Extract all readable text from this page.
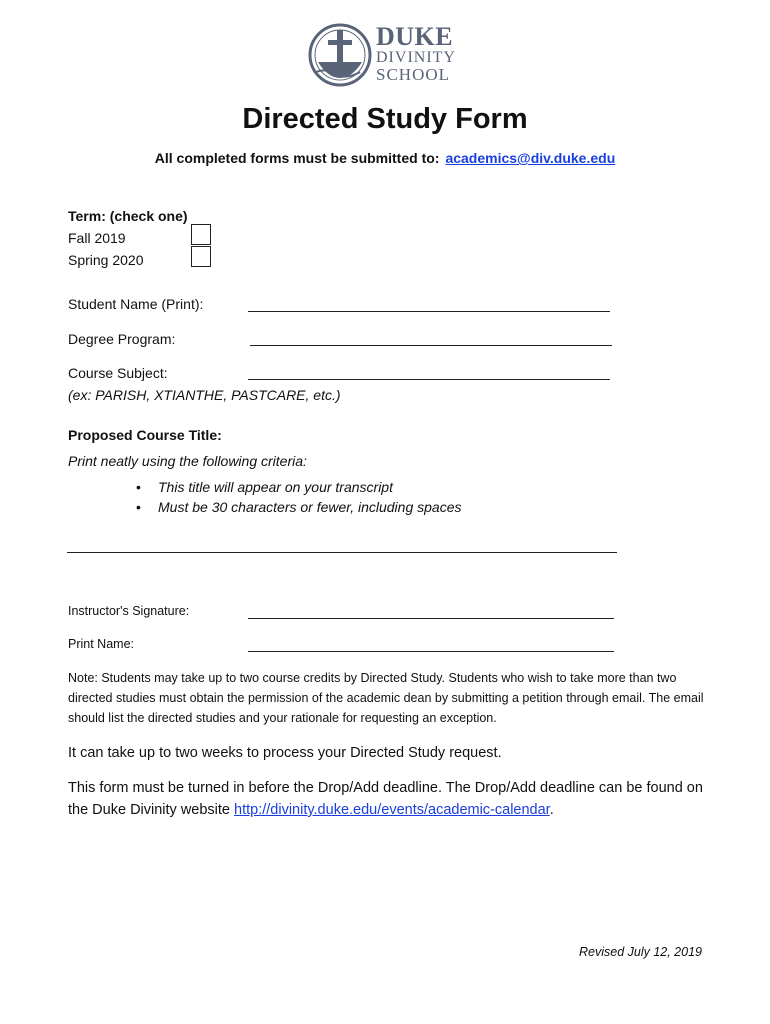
DUKE
DIVINITY
SCHOOL
Directed Study Form
All completed forms must be submitted to: academics@div.duke.edu
Term: (check one)
Fall 2019
Spring 2020
Student Name (Print):
Degree Program:
Course Subject:
(ex: PARISH, XTIANTHE, PASTCARE, etc.)
Proposed Course Title:
Print neatly using the following criteria:
• This title will appear on your transcript
• Must be 30 characters or fewer, including spaces
Instructor's Signature:
Print Name:
Note: Students may take up to two course credits by Directed Study. Students who wish to take more than two directed studies must obtain the permission of the academic dean by submitting a petition through email. The email should list the directed studies and your rationale for requesting an exception.
It can take up to two weeks to process your Directed Study request.
This form must be turned in before the Drop/Add deadline. The Drop/Add deadline can be found on the Duke Divinity website http://divinity.duke.edu/events/academic-calendar.
Revised July 12, 2019
